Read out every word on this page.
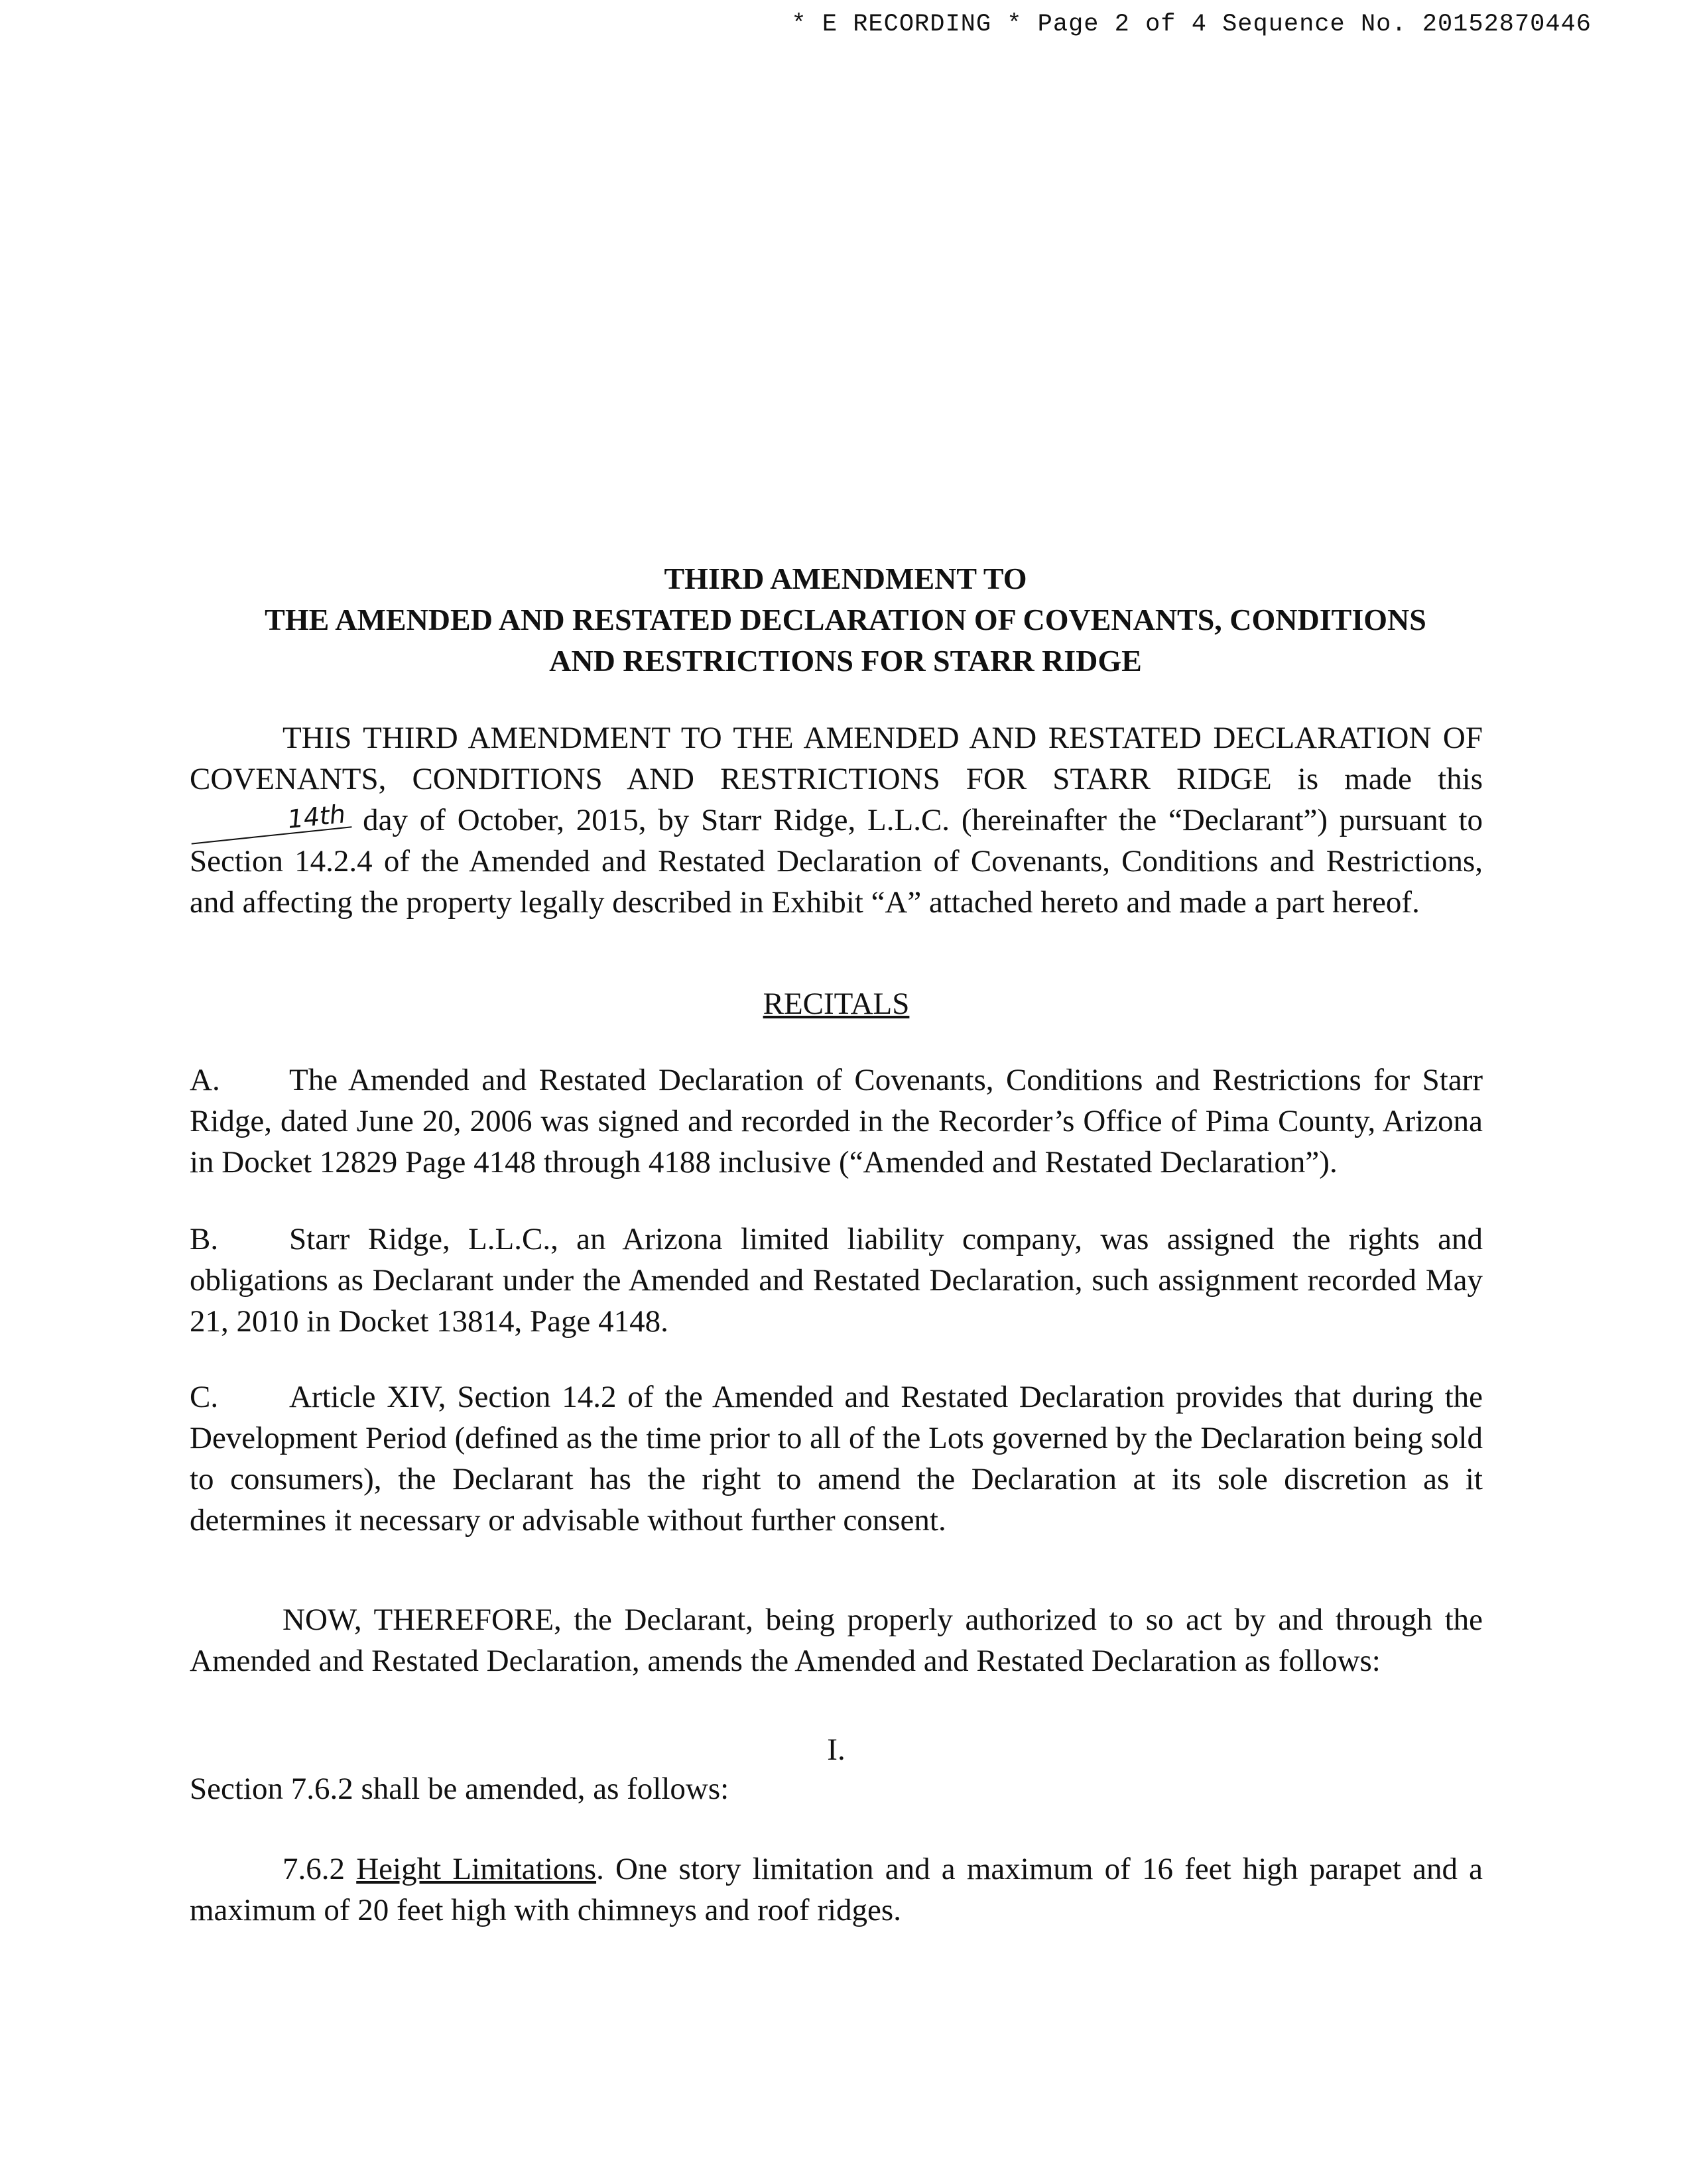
* E RECORDING * Page 2 of 4 Sequence No. 20152870446
THIRD AMENDMENT TO
THE AMENDED AND RESTATED DECLARATION OF COVENANTS, CONDITIONS
AND RESTRICTIONS FOR STARR RIDGE
THIS THIRD AMENDMENT TO THE AMENDED AND RESTATED DECLARATION OF COVENANTS, CONDITIONS AND RESTRICTIONS FOR STARR RIDGE is made this 14th day of October, 2015, by Starr Ridge, L.L.C. (hereinafter the “Declarant”) pursuant to Section 14.2.4 of the Amended and Restated Declaration of Covenants, Conditions and Restrictions, and affecting the property legally described in Exhibit “A” attached hereto and made a part hereof.
RECITALS
A. The Amended and Restated Declaration of Covenants, Conditions and Restrictions for Starr Ridge, dated June 20, 2006 was signed and recorded in the Recorder’s Office of Pima County, Arizona in Docket 12829 Page 4148 through 4188 inclusive (“Amended and Restated Declaration”).
B. Starr Ridge, L.L.C., an Arizona limited liability company, was assigned the rights and obligations as Declarant under the Amended and Restated Declaration, such assignment recorded May 21, 2010 in Docket 13814, Page 4148.
C. Article XIV, Section 14.2 of the Amended and Restated Declaration provides that during the Development Period (defined as the time prior to all of the Lots governed by the Declaration being sold to consumers), the Declarant has the right to amend the Declaration at its sole discretion as it determines it necessary or advisable without further consent.
NOW, THEREFORE, the Declarant, being properly authorized to so act by and through the Amended and Restated Declaration, amends the Amended and Restated Declaration as follows:
I.
Section 7.6.2 shall be amended, as follows:
7.6.2 Height Limitations. One story limitation and a maximum of 16 feet high parapet and a maximum of 20 feet high with chimneys and roof ridges.
